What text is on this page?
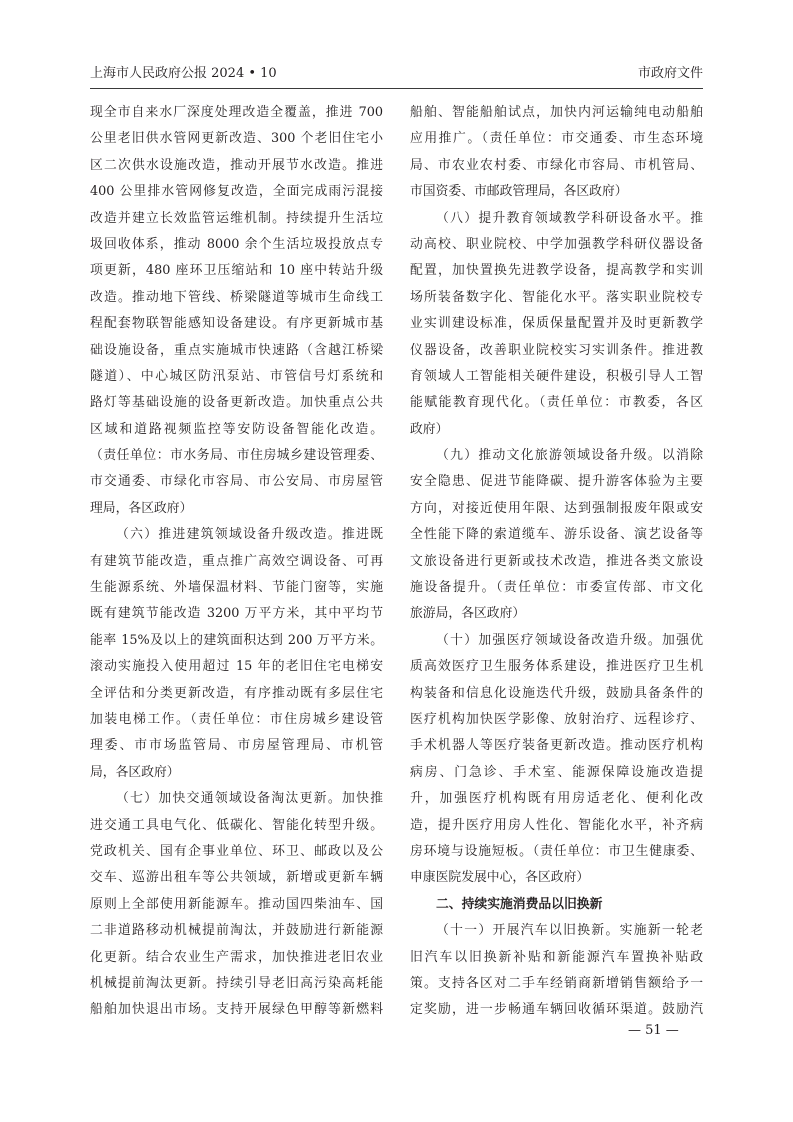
上海市人民政府公报 2024 • 10	市政府文件
现全市自来水厂深度处理改造全覆盖，推进 700
公里老旧供水管网更新改造、300 个老旧住宅小
区二次供水设施改造，推动开展节水改造。推进
400 公里排水管网修复改造，全面完成雨污混接
改造并建立长效监管运维机制。持续提升生活垃
圾回收体系，推动 8000 余个生活垃圾投放点专
项更新，480 座环卫压缩站和 10 座中转站升级
改造。推动地下管线、桥梁隧道等城市生命线工
程配套物联智能感知设备建设。有序更新城市基
础设施设备，重点实施城市快速路（含越江桥梁
隧道）、中心城区防汛泵站、市管信号灯系统和
路灯等基础设施的设备更新改造。加快重点公共
区域和道路视频监控等安防设备智能化改造。
（责任单位：市水务局、市住房城乡建设管理委、
市交通委、市绿化市容局、市公安局、市房屋管
理局，各区政府）
（六）推进建筑领域设备升级改造。推进既
有建筑节能改造，重点推广高效空调设备、可再
生能源系统、外墙保温材料、节能门窗等，实施
既有建筑节能改造 3200 万平方米，其中平均节
能率 15%及以上的建筑面积达到 200 万平方米。
滚动实施投入使用超过 15 年的老旧住宅电梯安
全评估和分类更新改造，有序推动既有多层住宅
加装电梯工作。（责任单位：市住房城乡建设管
理委、市市场监管局、市房屋管理局、市机管
局，各区政府）
（七）加快交通领域设备淘汰更新。加快推
进交通工具电气化、低碳化、智能化转型升级。
党政机关、国有企事业单位、环卫、邮政以及公
交车、巡游出租车等公共领域，新增或更新车辆
原则上全部使用新能源车。推动国四柴油车、国
二非道路移动机械提前淘汰，并鼓励进行新能源
化更新。结合农业生产需求，加快推进老旧农业
机械提前淘汰更新。持续引导老旧高污染高耗能
船舶加快退出市场。支持开展绿色甲醇等新燃料
船舶、智能船舶试点，加快内河运输纯电动船舶
应用推广。（责任单位：市交通委、市生态环境
局、市农业农村委、市绿化市容局、市机管局、
市国资委、市邮政管理局，各区政府）
（八）提升教育领域教学科研设备水平。推
动高校、职业院校、中学加强教学科研仪器设备
配置，加快置换先进教学设备，提高教学和实训
场所装备数字化、智能化水平。落实职业院校专
业实训建设标准，保质保量配置并及时更新教学
仪器设备，改善职业院校实习实训条件。推进教
育领域人工智能相关硬件建设，积极引导人工智
能赋能教育现代化。（责任单位：市教委，各区
政府）
（九）推动文化旅游领域设备升级。以消除
安全隐患、促进节能降碳、提升游客体验为主要
方向，对接近使用年限、达到强制报废年限或安
全性能下降的索道缆车、游乐设备、演艺设备等
文旅设备进行更新或技术改造，推进各类文旅设
施设备提升。（责任单位：市委宣传部、市文化
旅游局，各区政府）
（十）加强医疗领域设备改造升级。加强优
质高效医疗卫生服务体系建设，推进医疗卫生机
构装备和信息化设施迭代升级，鼓励具备条件的
医疗机构加快医学影像、放射治疗、远程诊疗、
手术机器人等医疗装备更新改造。推动医疗机构
病房、门急诊、手术室、能源保障设施改造提
升，加强医疗机构既有用房适老化、便利化改
造，提升医疗用房人性化、智能化水平，补齐病
房环境与设施短板。（责任单位：市卫生健康委、
申康医院发展中心，各区政府）
二、持续实施消费品以旧换新
（十一）开展汽车以旧换新。实施新一轮老
旧汽车以旧换新补贴和新能源汽车置换补贴政
策。支持各区对二手车经销商新增销售额给予一
定奖励，进一步畅通车辆回收循环渠道。鼓励汽
— 51 —
